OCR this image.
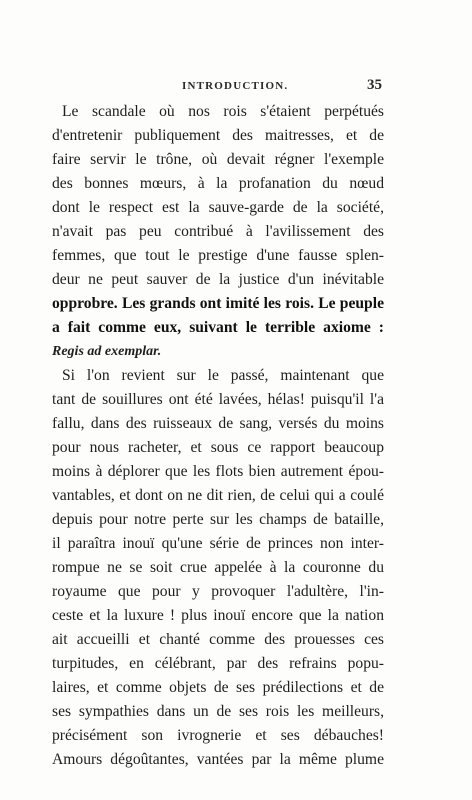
INTRODUCTION.	35
Le scandale où nos rois s'étaient perpétués
d'entretenir publiquement des maitresses, et de
faire servir le trône, où devait régner l'exemple
des bonnes mœurs, à la profanation du nœud
dont le respect est la sauve-garde de la société,
n'avait pas peu contribué à l'avilissement des
femmes, que tout le prestige d'une fausse splen-
deur ne peut sauver de la justice d'un inévitable
opprobre. Les grands ont imité les rois. Le peuple
a fait comme eux, suivant le terrible axiome :
Regis ad exemplar.
Si l'on revient sur le passé, maintenant que
tant de souillures ont été lavées, hélas! puisqu'il l'a
fallu, dans des ruisseaux de sang, versés du moins
pour nous racheter, et sous ce rapport beaucoup
moins à déplorer que les flots bien autrement épou-
vantables, et dont on ne dit rien, de celui qui a coulé
depuis pour notre perte sur les champs de bataille,
il paraîtra inouï qu'une série de princes non inter-
rompue ne se soit crue appelée à la couronne du
royaume que pour y provoquer l'adultère, l'in-
ceste et la luxure ! plus inouï encore que la nation
ait accueilli et chanté comme des prouesses ces
turpitudes, en célébrant, par des refrains popu-
laires, et comme objets de ses prédilections et de
ses sympathies dans un de ses rois les meilleurs,
précisément son ivrognerie et ses débauches!
Amours dégoûtantes, vantées par la même plume
